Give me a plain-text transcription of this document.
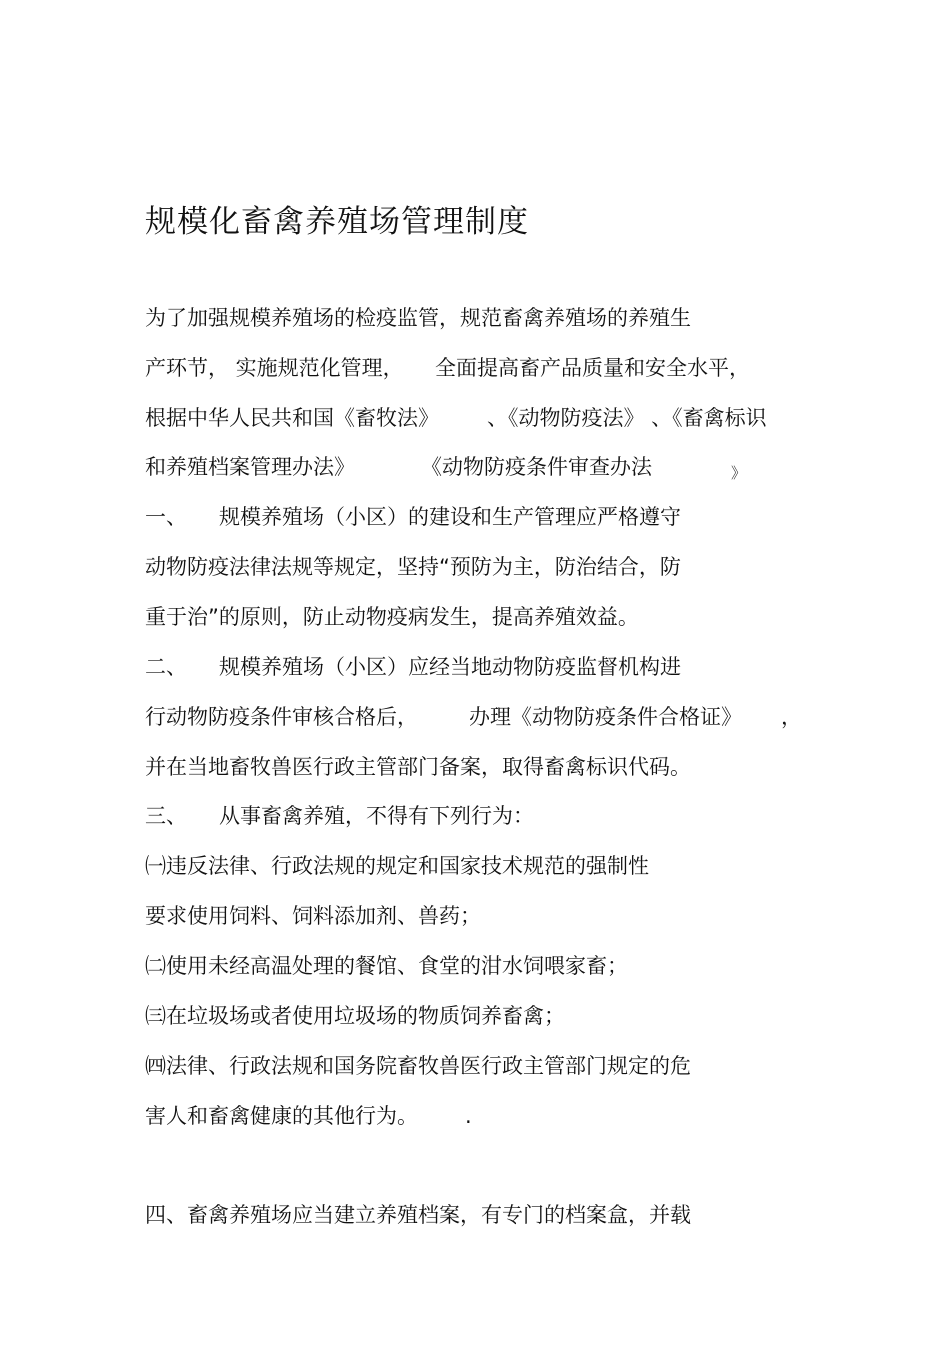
规模化畜禽养殖场管理制度
为了加强规模养殖场的检疫监管，规范畜禽养殖场的养殖生
产环节， 实施规范化管理， 全面提高畜产品质量和安全水平，
根据中华人民共和国《畜牧法》 、《动物防疫法》 、《畜禽标识
和养殖档案管理办法》	《动物防疫条件审查办法	》
一、 规模养殖场（小区）的建设和生产管理应严格遵守
动物防疫法律法规等规定，坚持“预防为主，防治结合，防
重于治”的原则，防止动物疫病发生，提高养殖效益。
二、 规模养殖场（小区）应经当地动物防疫监督机构进
行动物防疫条件审核合格后， 办理《动物防疫条件合格证》 ，
并在当地畜牧兽医行政主管部门备案，取得畜禽标识代码。
三、 从事畜禽养殖，不得有下列行为：
㈠违反法律、行政法规的规定和国家技术规范的强制性
要求使用饲料、饲料添加剂、兽药；
㈡使用未经高温处理的餐馆、食堂的泔水饲喂家畜；
㈢在垃圾场或者使用垃圾场的物质饲养畜禽；
㈣法律、行政法规和国务院畜牧兽医行政主管部门规定的危
害人和畜禽健康的其他行为。 .
四、畜禽养殖场应当建立养殖档案，有专门的档案盒，并载
